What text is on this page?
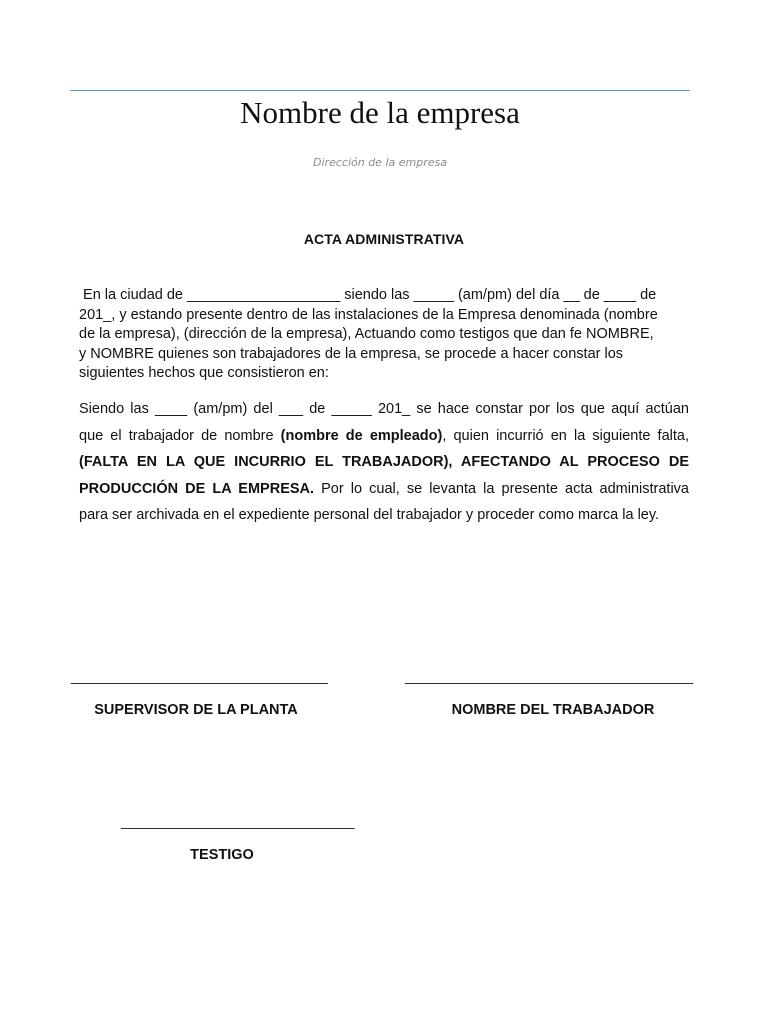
Nombre de la empresa
Dirección de la empresa
ACTA ADMINISTRATIVA
En la ciudad de ___________________ siendo las _____ (am/pm) del día __ de ____ de
201_, y estando presente dentro de las instalaciones de la Empresa denominada (nombre
de la empresa), (dirección de la empresa), Actuando como testigos que dan fe NOMBRE,
y NOMBRE quienes son trabajadores de la empresa, se procede a hacer constar los
siguientes hechos que consistieron en:
Siendo las ____ (am/pm) del ___ de _____ 201_ se hace constar por los que aquí actúan
que el trabajador de nombre (nombre de empleado), quien incurrió en la siguiente falta,
(FALTA EN LA QUE INCURRIO EL TRABAJADOR), AFECTANDO AL PROCESO DE
PRODUCCIÓN DE LA EMPRESA. Por lo cual, se levanta la presente acta administrativa
para ser archivada en el expediente personal del trabajador y proceder como marca la ley.
_________________________________
SUPERVISOR DE LA PLANTA
_____________________________________
NOMBRE DEL TRABAJADOR
______________________________
TESTIGO
